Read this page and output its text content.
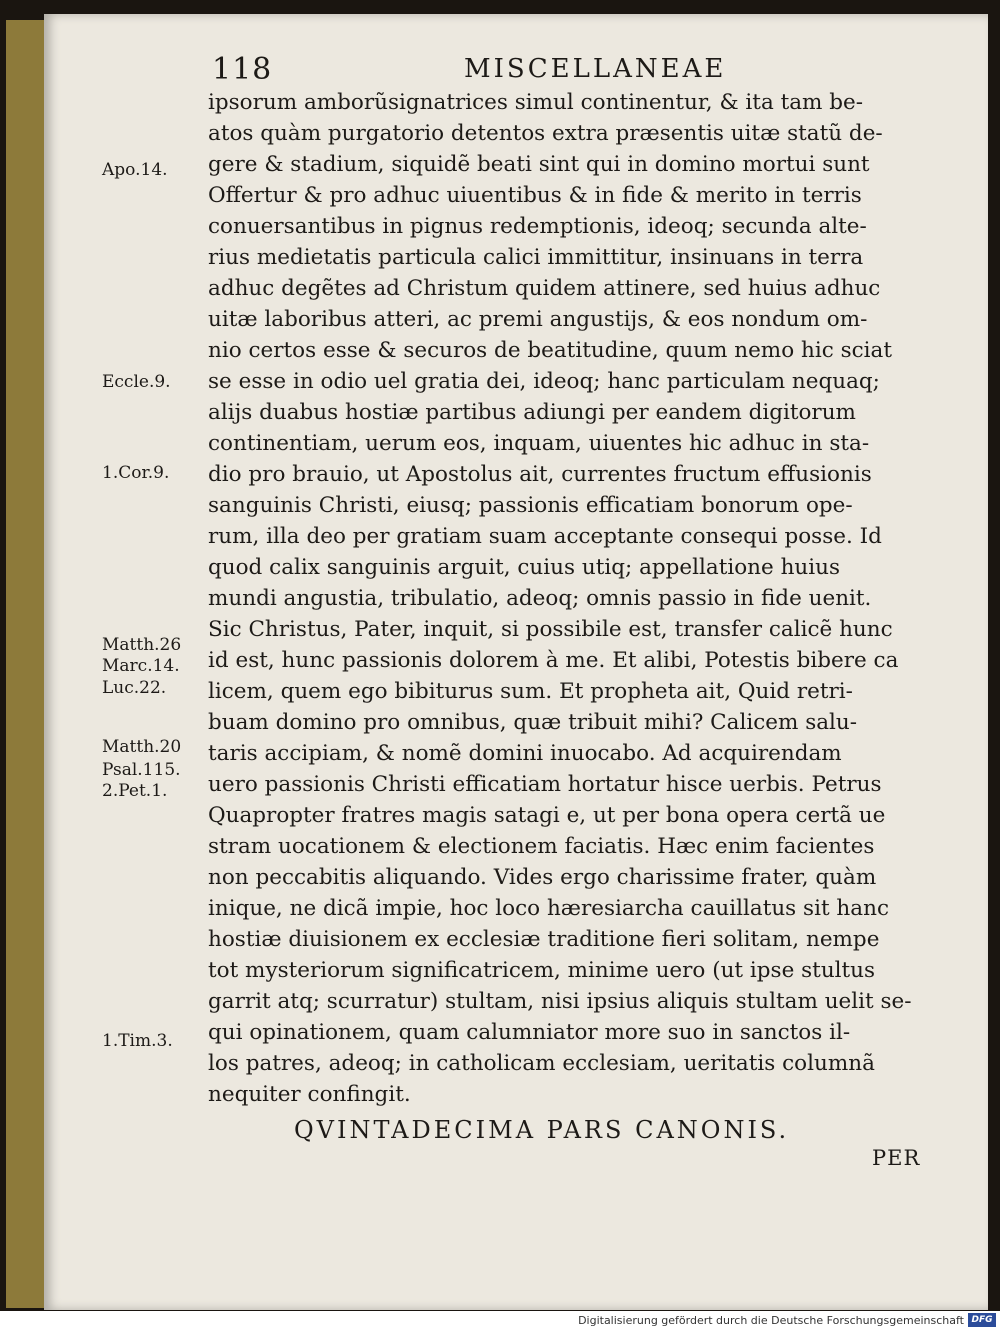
118	MISCELLANEAE
ipsorum amborũsignatrices simul continentur, & ita tam be-
atos quàm purgatorio detentos extra præsentis uitæ statũ de-
gere & stadium, siquidẽ beati sint qui in domino mortui sunt
Offertur & pro adhuc uiuentibus & in fide & merito in terris
conuersantibus in pignus redemptionis, ideoq; secunda alte-
rius medietatis particula calici immittitur, insinuans in terra
adhuc degẽtes ad Christum quidem attinere, sed huius adhuc
uitæ laboribus atteri, ac premi angustijs, & eos nondum om-
nio certos esse & securos de beatitudine, quum nemo hic sciat
se esse in odio uel gratia dei, ideoq; hanc particulam nequaq;
alijs duabus hostiæ partibus adiungi per eandem digitorum
continentiam, uerum eos, inquam, uiuentes hic adhuc in sta-
dio pro brauio, ut Apostolus ait, currentes fructum effusionis
sanguinis Christi, eiusq; passionis efficatiam bonorum ope-
rum, illa deo per gratiam suam acceptante consequi posse. Id
quod calix sanguinis arguit, cuius utiq; appellatione huius
mundi angustia, tribulatio, adeoq; omnis passio in fide uenit.
Sic Christus, Pater, inquit, si possibile est, transfer calicẽ hunc
id est, hunc passionis dolorem à me. Et alibi, Potestis bibere ca
licem, quem ego bibiturus sum. Et propheta ait, Quid retri-
buam domino pro omnibus, quæ tribuit mihi? Calicem salu-
taris accipiam, & nomẽ domini inuocabo. Ad acquirendam
uero passionis Christi efficatiam hortatur hisce uerbis. Petrus
Quapropter fratres magis satagi e, ut per bona opera certã ue
stram uocationem & electionem faciatis. Hæc enim facientes
non peccabitis aliquando. Vides ergo charissime frater, quàm
inique, ne dicã impie, hoc loco hæresiarcha cauillatus sit hanc
hostiæ diuisionem ex ecclesiæ traditione fieri solitam, nempe
tot mysteriorum significatricem, minime uero (ut ipse stultus
garrit atq; scurratur) stultam, nisi ipsius aliquis stultam uelit se-
qui opinationem, quam calumniator more suo in sanctos il-
los patres, adeoq; in catholicam ecclesiam, ueritatis columnã
nequiter confingit.
Apo.14.
Eccle.9.
1.Cor.9.
Matth.26
Marc.14.
Luc.22.
Matth.20
Psal.115.
2.Pet.1.
1.Tim.3.
QVINTADECIMA PARS CANONIS.
PER
Digitalisierung gefördert durch die Deutsche Forschungsgemeinschaft DFG
